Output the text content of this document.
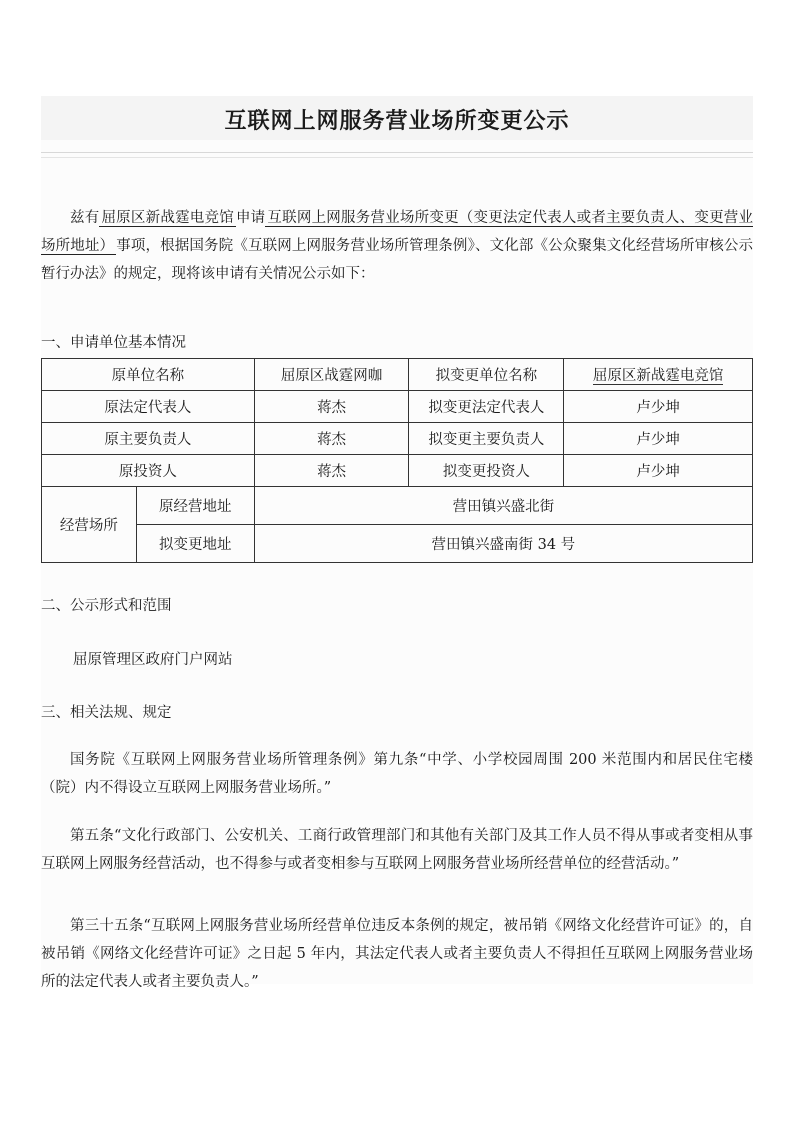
互联网上网服务营业场所变更公示
兹有 屈原区新战霆电竞馆 申请 互联网上网服务营业场所变更（变更法定代表人或者主要负责人、变更营业场所地址） 事项，根据国务院《互联网上网服务营业场所管理条例》、文化部《公众聚集文化经营场所审核公示暂行办法》的规定，现将该申请有关情况公示如下：
一、申请单位基本情况
原单位名称		屈原区战霆网咖	拟变更单位名称	屈原区新战霆电竞馆
原法定代表人		蒋杰	拟变更法定代表人	卢少坤
原主要负责人		蒋杰	拟变更主要负责人	卢少坤
原投资人		蒋杰	拟变更投资人	卢少坤
经营场所	原经营地址	营田镇兴盛北街		
	拟变更地址	营田镇兴盛南街 34 号		
二、公示形式和范围
屈原管理区政府门户网站
三、相关法规、规定
国务院《互联网上网服务营业场所管理条例》第九条“中学、小学校园周围 200 米范围内和居民住宅楼（院）内不得设立互联网上网服务营业场所。”
第五条“文化行政部门、公安机关、工商行政管理部门和其他有关部门及其工作人员不得从事或者变相从事互联网上网服务经营活动，也不得参与或者变相参与互联网上网服务营业场所经营单位的经营活动。”
第三十五条“互联网上网服务营业场所经营单位违反本条例的规定，被吊销《网络文化经营许可证》的，自被吊销《网络文化经营许可证》之日起 5 年内，其法定代表人或者主要负责人不得担任互联网上网服务营业场所的法定代表人或者主要负责人。”
